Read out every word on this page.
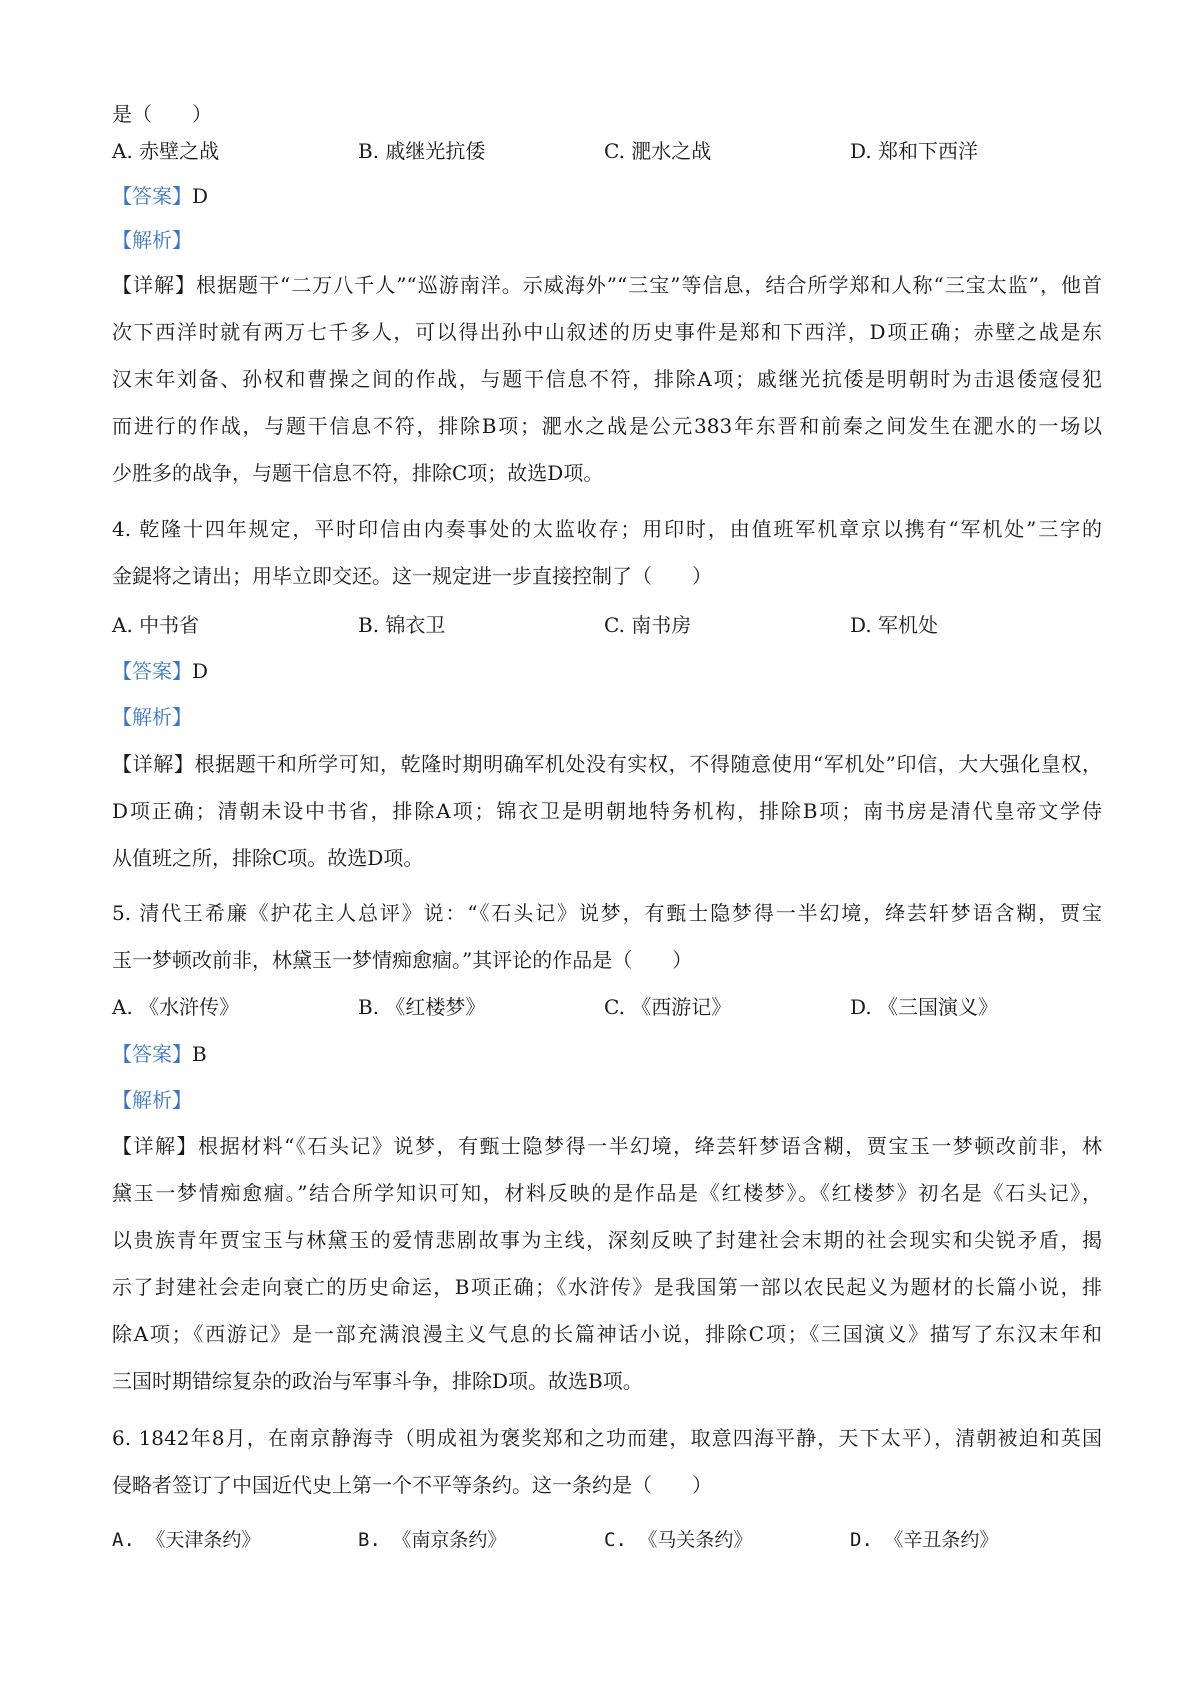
是（　　）
A. 赤壁之战	B. 戚继光抗倭	C. 淝水之战	D. 郑和下西洋
【答案】D
【解析】
【详解】根据题干“二万八千人”“巡游南洋。示威海外”“三宝”等信息，结合所学郑和人称“三宝太监”，他首
次下西洋时就有两万七千多人，可以得出孙中山叙述的历史事件是郑和下西洋，D项正确；赤壁之战是东
汉末年刘备、孙权和曹操之间的作战，与题干信息不符，排除A项；戚继光抗倭是明朝时为击退倭寇侵犯
而进行的作战，与题干信息不符，排除B项；淝水之战是公元383年东晋和前秦之间发生在淝水的一场以
少胜多的战争，与题干信息不符，排除C项；故选D项。
4. 乾隆十四年规定，平时印信由内奏事处的太监收存；用印时，由值班军机章京以携有“军机处”三字的
金鍉将之请出；用毕立即交还。这一规定进一步直接控制了（　　）
A. 中书省	B. 锦衣卫	C. 南书房	D. 军机处
【答案】D
【解析】
【详解】根据题干和所学可知，乾隆时期明确军机处没有实权，不得随意使用“军机处”印信，大大强化皇权，
D项正确；清朝未设中书省，排除A项；锦衣卫是明朝地特务机构，排除B项；南书房是清代皇帝文学侍
从值班之所，排除C项。故选D项。
5. 清代王希廉《护花主人总评》说：“《石头记》说梦，有甄士隐梦得一半幻境，绛芸轩梦语含糊，贾宝
玉一梦顿改前非，林黛玉一梦情痴愈痼。”其评论的作品是（　　）
A. 《水浒传》	B. 《红楼梦》	C. 《西游记》	D. 《三国演义》
【答案】B
【解析】
【详解】根据材料“《石头记》说梦，有甄士隐梦得一半幻境，绛芸轩梦语含糊，贾宝玉一梦顿改前非，林
黛玉一梦情痴愈痼。”结合所学知识可知，材料反映的是作品是《红楼梦》。《红楼梦》初名是《石头记》，
以贵族青年贾宝玉与林黛玉的爱情悲剧故事为主线，深刻反映了封建社会末期的社会现实和尖锐矛盾，揭
示了封建社会走向衰亡的历史命运，B项正确；《水浒传》是我国第一部以农民起义为题材的长篇小说，排
除A项；《西游记》是一部充满浪漫主义气息的长篇神话小说，排除C项；《三国演义》描写了东汉末年和
三国时期错综复杂的政治与军事斗争，排除D项。故选B项。
6. 1842年8月，在南京静海寺（明成祖为褒奖郑和之功而建，取意四海平静，天下太平），清朝被迫和英国
侵略者签订了中国近代史上第一个不平等条约。这一条约是（　　）
A. 《天津条约》	B. 《南京条约》	C. 《马关条约》	D. 《辛丑条约》
